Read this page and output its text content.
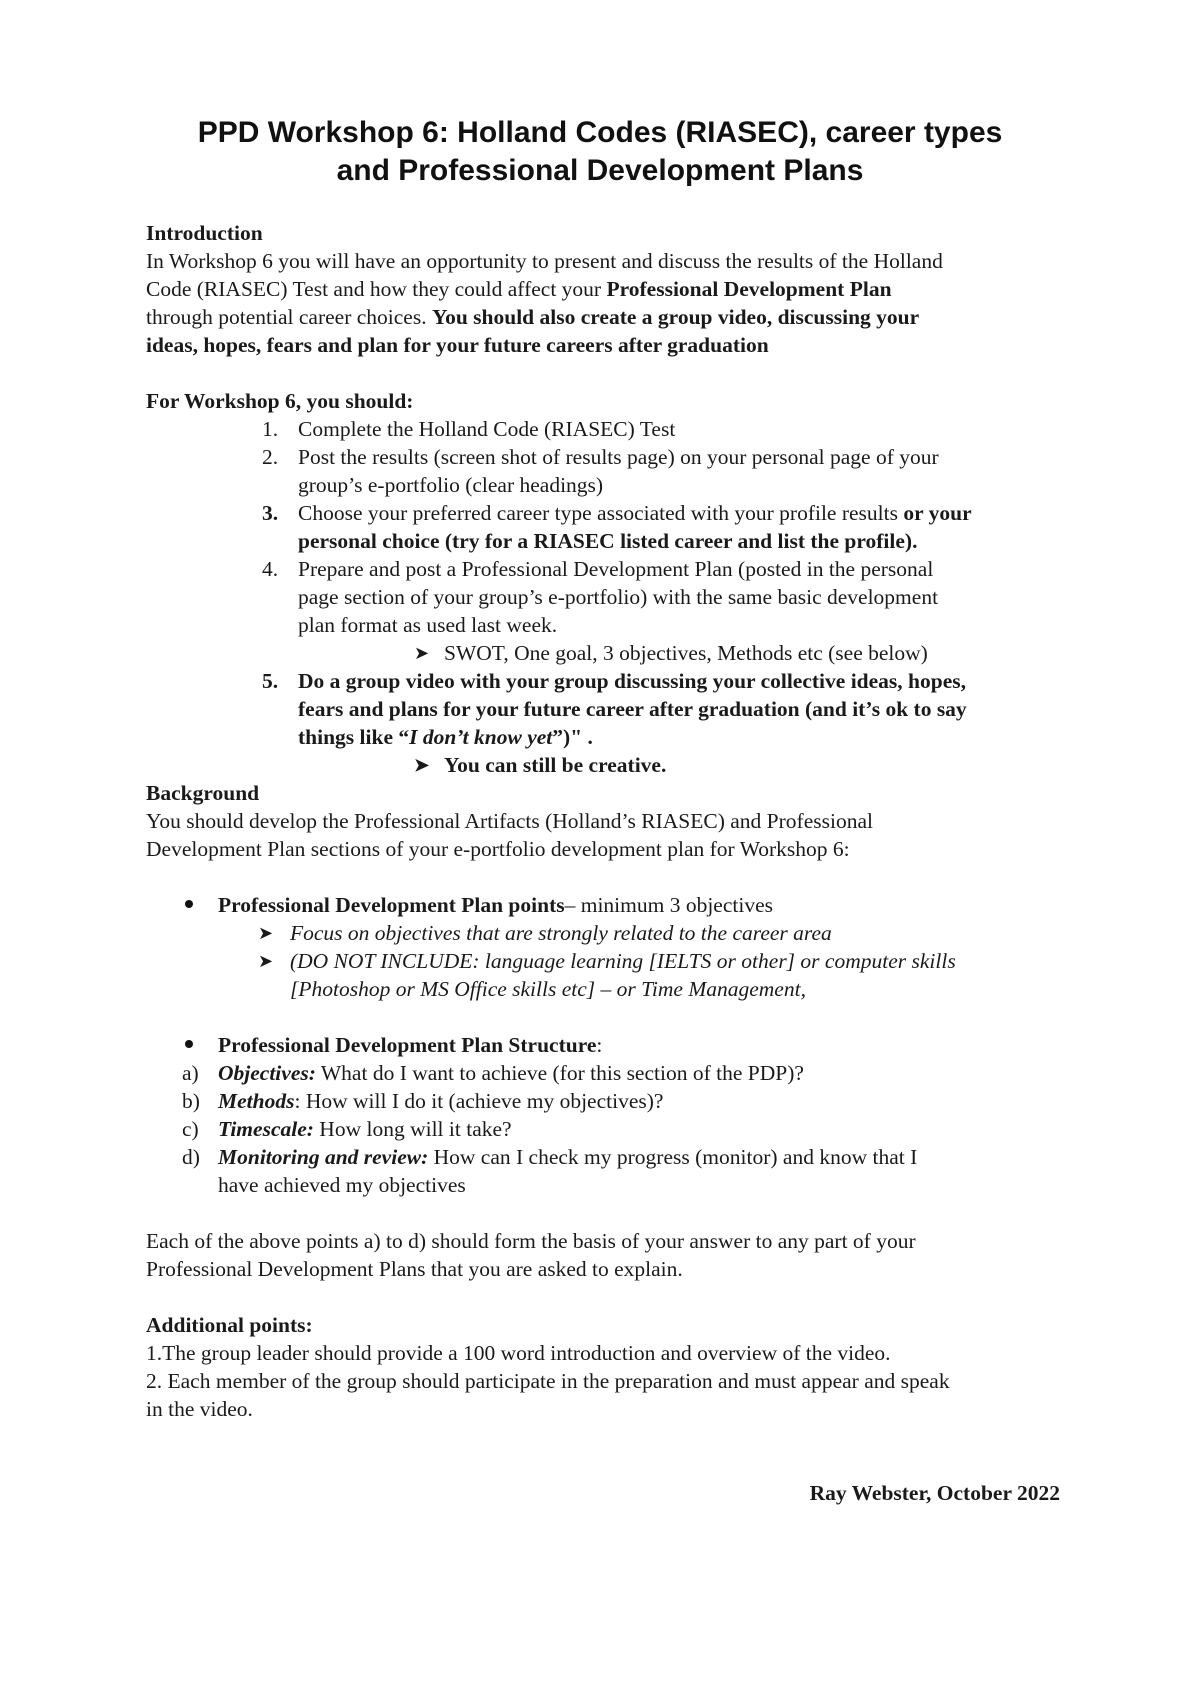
PPD Workshop 6: Holland Codes (RIASEC), career types
and Professional Development Plans
Introduction
In Workshop 6 you will have an opportunity to present and discuss the results of the Holland
Code (RIASEC) Test and how they could affect your Professional Development Plan
through potential career choices. You should also create a group video, discussing your
ideas, hopes, fears and plan for your future careers after graduation
For Workshop 6, you should:
1. Complete the Holland Code (RIASEC) Test
2. Post the results (screen shot of results page) on your personal page of your
group’s e-portfolio (clear headings)
3. Choose your preferred career type associated with your profile results or your
personal choice (try for a RIASEC listed career and list the profile).
4. Prepare and post a Professional Development Plan (posted in the personal
page section of your group’s e-portfolio) with the same basic development
plan format as used last week.
➤ SWOT, One goal, 3 objectives, Methods etc (see below)
5. Do a group video with your group discussing your collective ideas, hopes,
fears and plans for your future career after graduation (and it’s ok to say
things like “I don’t know yet”)" .
➤ You can still be creative.
Background
You should develop the Professional Artifacts (Holland’s RIASEC) and Professional
Development Plan sections of your e-portfolio development plan for Workshop 6:
Professional Development Plan points– minimum 3 objectives
➤ Focus on objectives that are strongly related to the career area
➤ (DO NOT INCLUDE: language learning [IELTS or other] or computer skills
[Photoshop or MS Office skills etc] – or Time Management,
Professional Development Plan Structure:
a) Objectives: What do I want to achieve (for this section of the PDP)?
b) Methods: How will I do it (achieve my objectives)?
c) Timescale: How long will it take?
d) Monitoring and review: How can I check my progress (monitor) and know that I
have achieved my objectives
Each of the above points a) to d) should form the basis of your answer to any part of your
Professional Development Plans that you are asked to explain.
Additional points:
1.The group leader should provide a 100 word introduction and overview of the video.
2. Each member of the group should participate in the preparation and must appear and speak
in the video.
Ray Webster, October 2022
